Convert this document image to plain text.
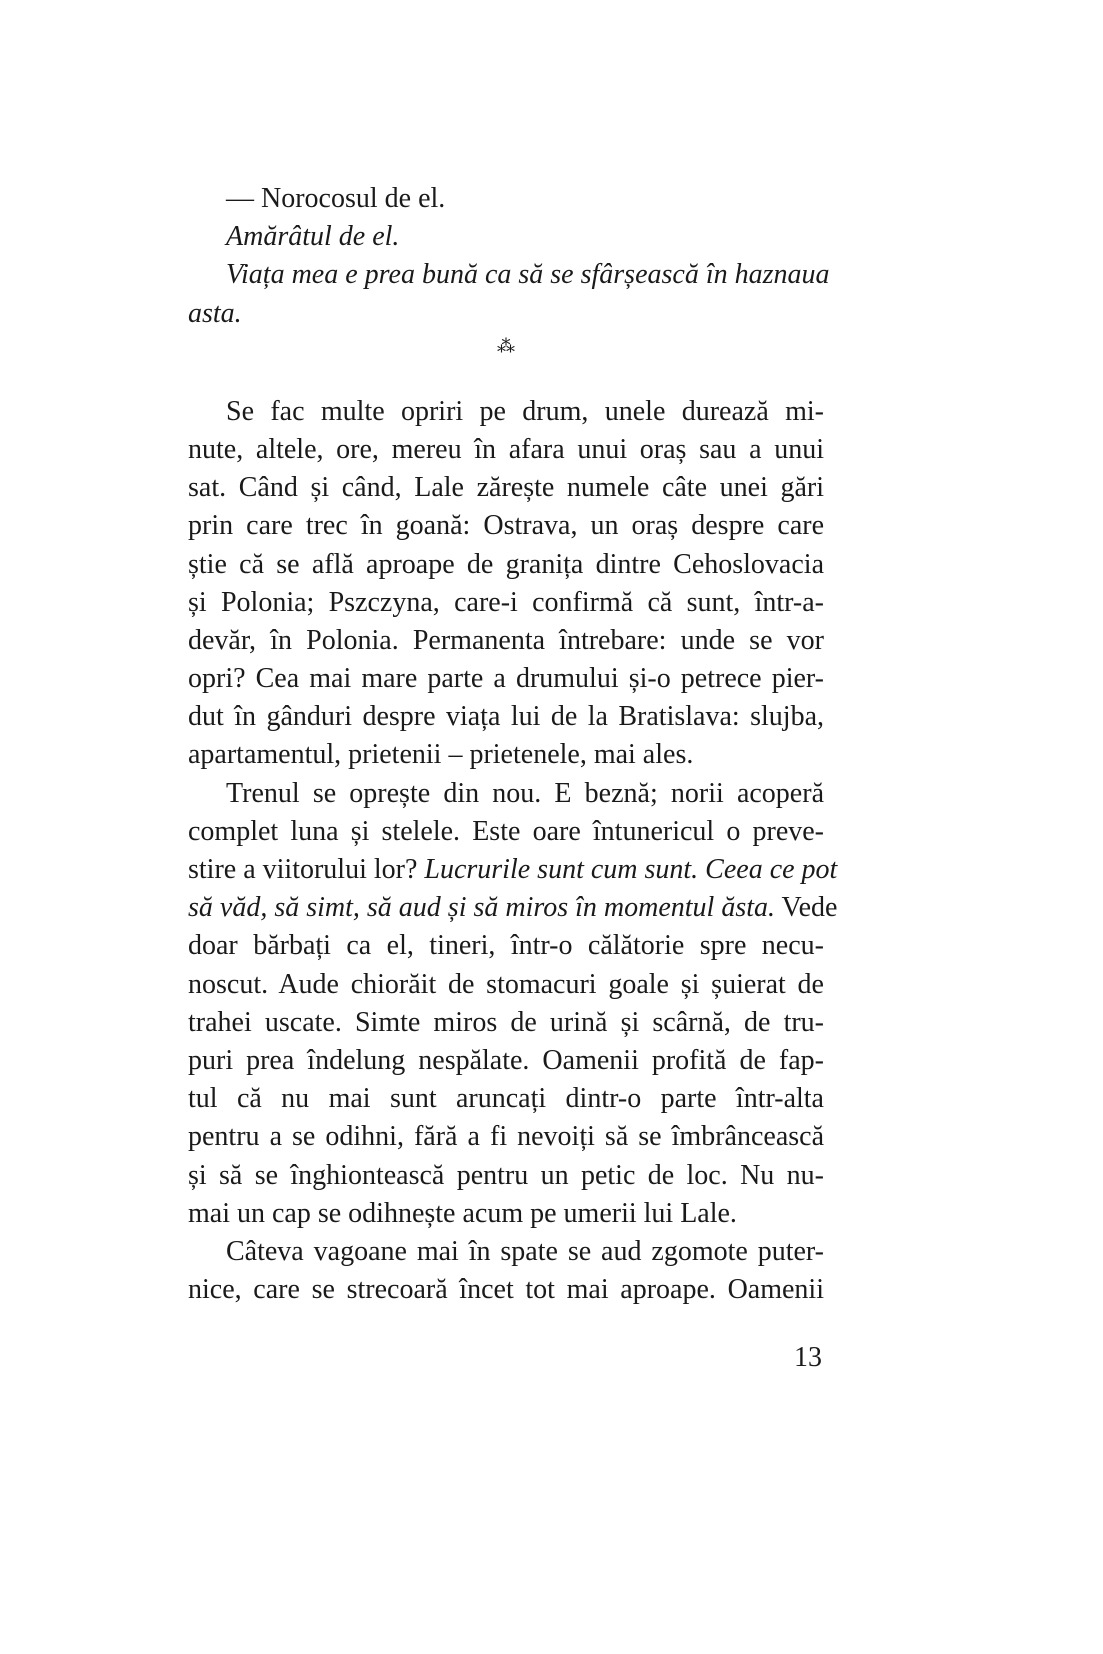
— Norocosul de el.
Amărâtul de el.
Viața mea e prea bună ca să se sfârșească în haznaua
asta.
⁂
Se fac multe opriri pe drum, unele durează mi-
nute, altele, ore, mereu în afara unui oraș sau a unui
sat. Când și când, Lale zărește numele câte unei gări
prin care trec în goană: Ostrava, un oraș despre care
știe că se află aproape de granița dintre Cehoslovacia
și Polonia; Pszczyna, care-i confirmă că sunt, într-a-
devăr, în Polonia. Permanenta întrebare: unde se vor
opri? Cea mai mare parte a drumului și-o petrece pier-
dut în gânduri despre viața lui de la Bratislava: slujba,
apartamentul, prietenii – prietenele, mai ales.
Trenul se oprește din nou. E beznă; norii acoperă
complet luna și stelele. Este oare întunericul o preve-
stire a viitorului lor? Lucrurile sunt cum sunt. Ceea ce pot
să văd, să simt, să aud și să miros în momentul ăsta. Vede
doar bărbați ca el, tineri, într-o călătorie spre necu-
noscut. Aude chiorăit de stomacuri goale și șuierat de
trahei uscate. Simte miros de urină și scârnă, de tru-
puri prea îndelung nespălate. Oamenii profită de fap-
tul că nu mai sunt aruncați dintr-o parte într-alta
pentru a se odihni, fără a fi nevoiți să se îmbrâncească
și să se înghiontească pentru un petic de loc. Nu nu-
mai un cap se odihnește acum pe umerii lui Lale.
Câteva vagoane mai în spate se aud zgomote puter-
nice, care se strecoară încet tot mai aproape. Oamenii
13
